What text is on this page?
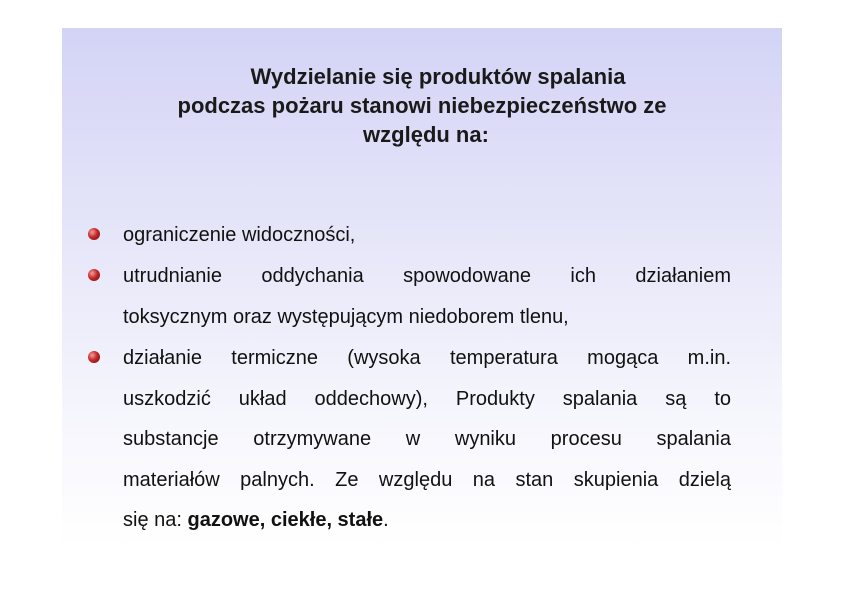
Wydzielanie się produktów spalania
podczas pożaru stanowi niebezpieczeństwo ze
względu na:
ograniczenie widoczności,
utrudnianie oddychania spowodowane ich działaniem
toksycznym oraz występującym niedoborem tlenu,
działanie termiczne (wysoka temperatura mogąca m.in.
uszkodzić układ oddechowy), Produkty spalania są to
substancje otrzymywane w wyniku procesu spalania
materiałów palnych. Ze względu na stan skupienia dzielą
się na: gazowe, ciekłe, stałe.
